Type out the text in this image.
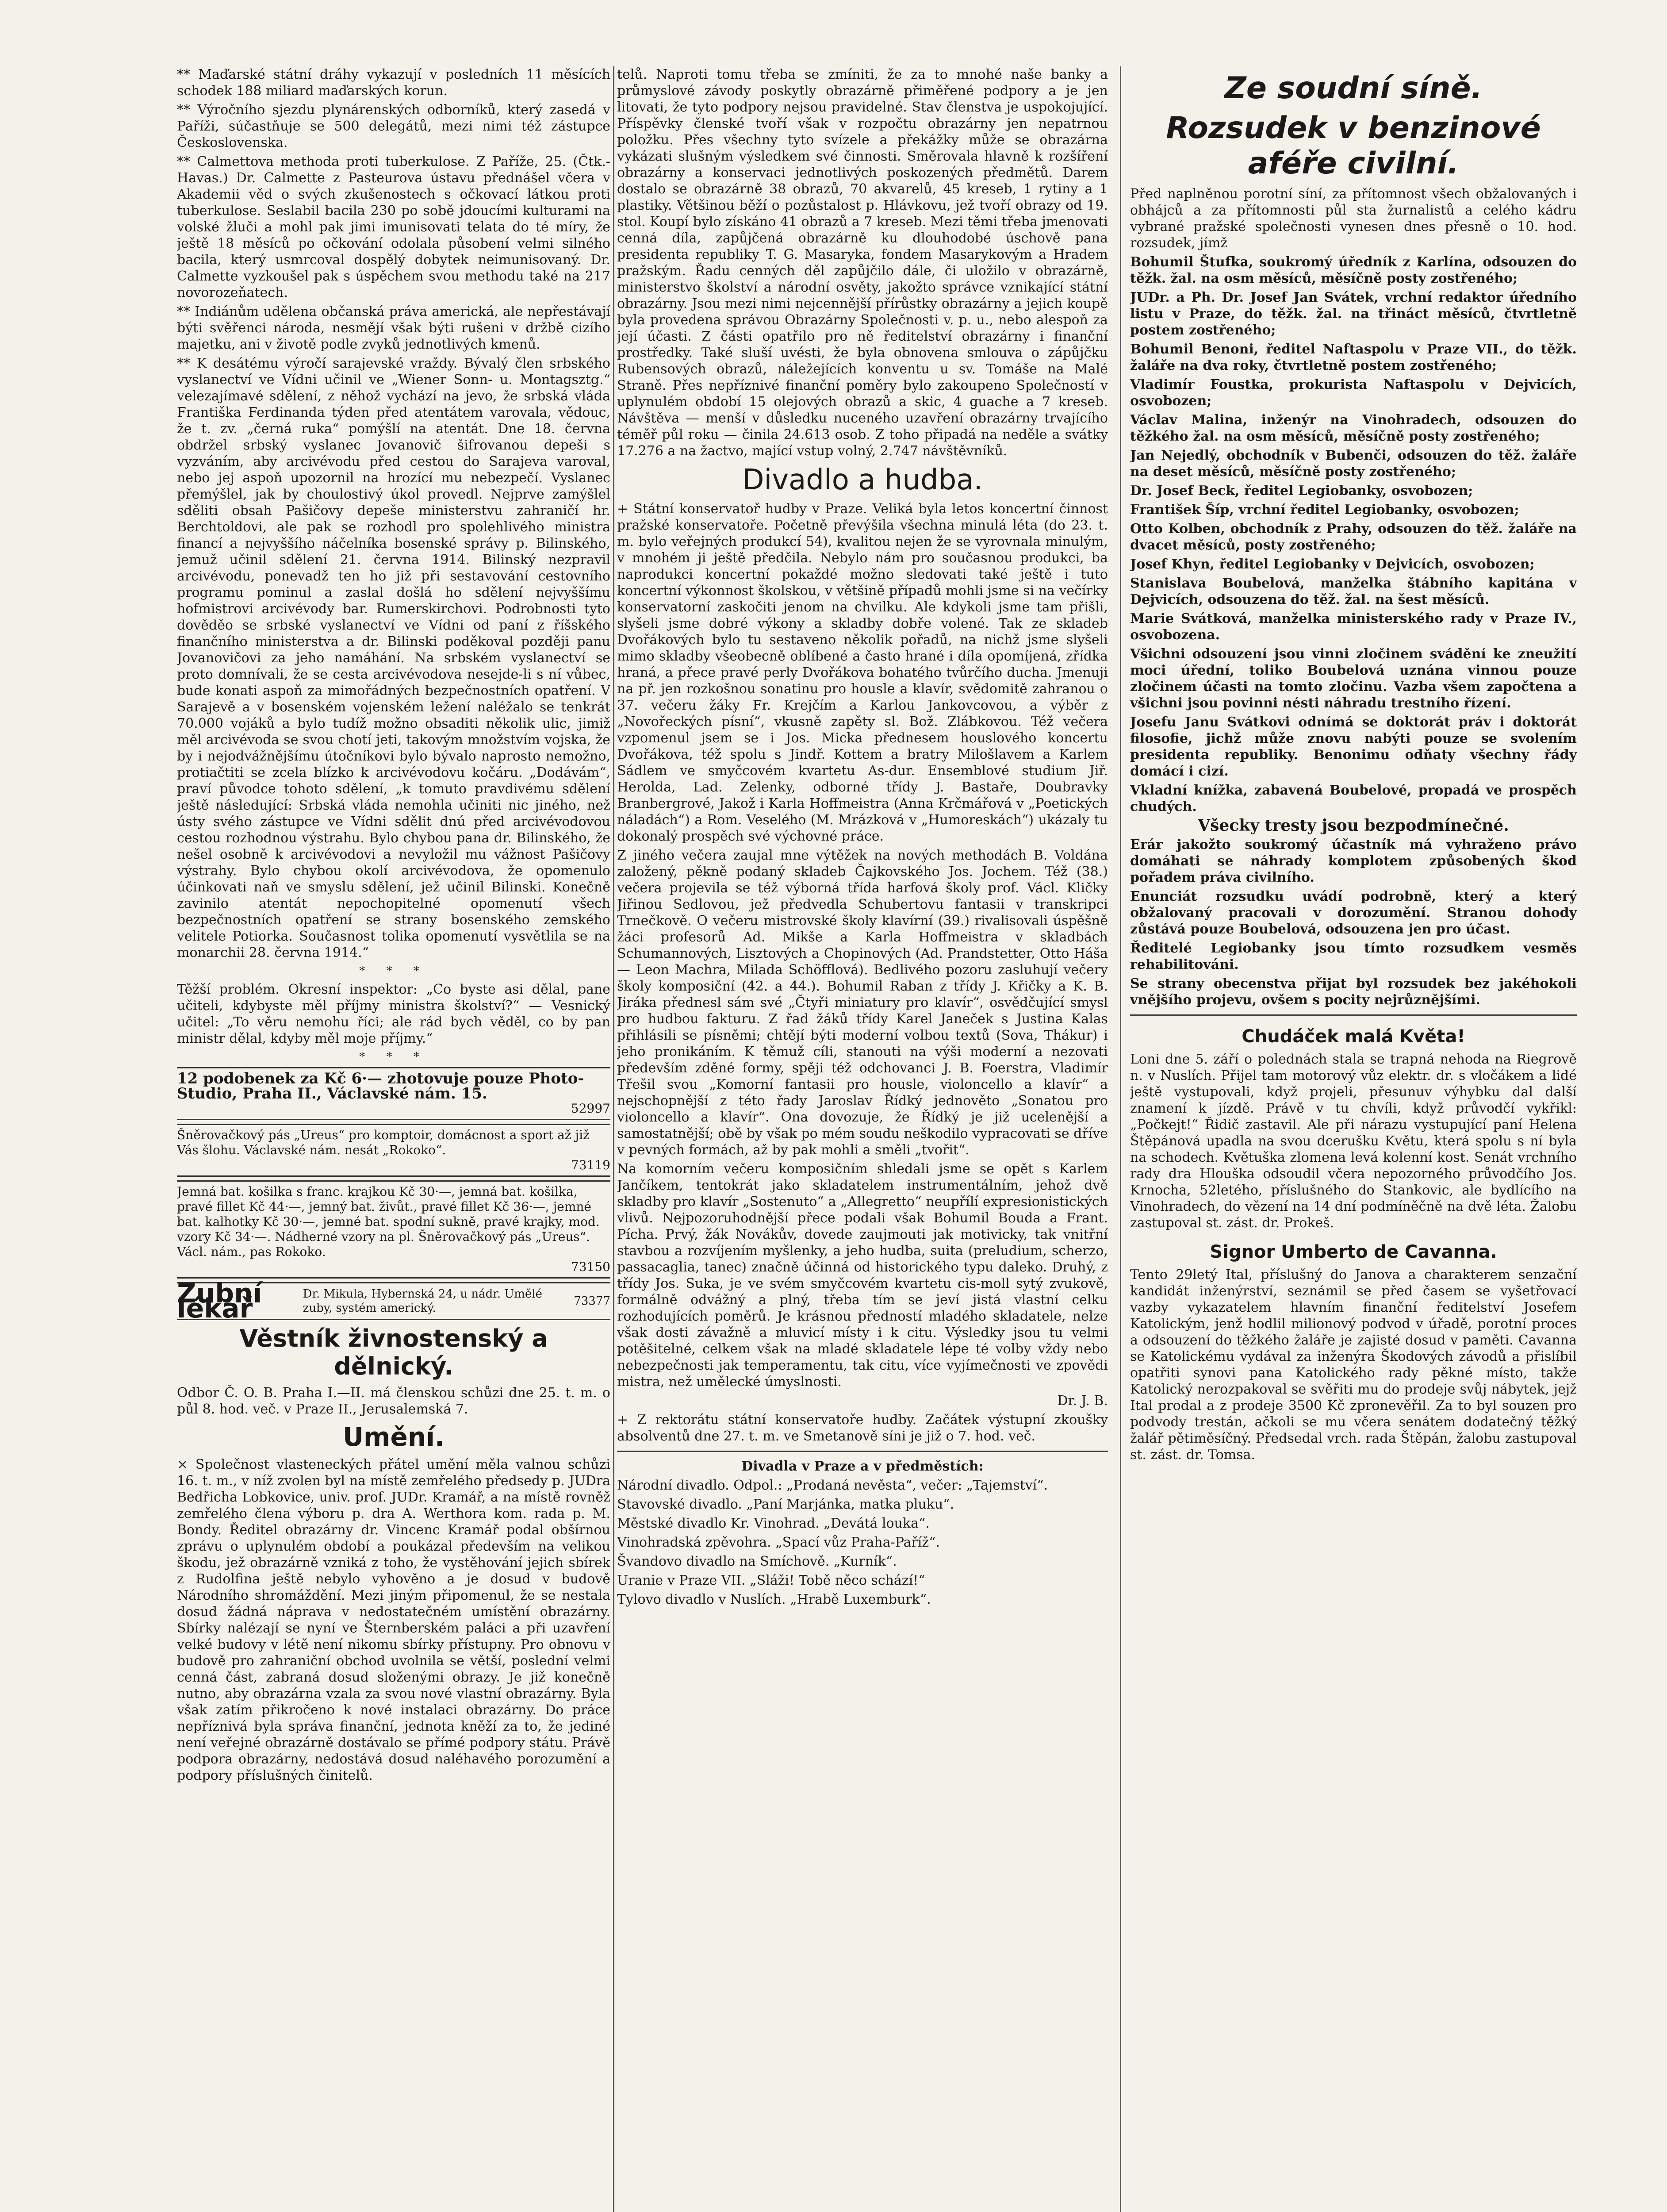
** Maďarské státní dráhy vykazují v posledních 11 měsících schodek 188 miliard maďarských korun.

** Výročního sjezdu plynárenských odborníků, který zasedá v Paříži, súčastňuje se 500 delegátů, mezi nimi též zástupce Československa.

** Calmettova methoda proti tuberkulose. Z Paříže, 25. (Čtk.-Havas.) Dr. Calmette z Pasteurova ústavu přednášel včera v Akademii věd o svých zkušenostech s očkovací látkou proti tuberkulose. Seslabil bacila 230 po sobě jdoucími kulturami na volské žluči a mohl pak jimi imunisovati telata do té míry, že ještě 18 měsíců po očkování odolala působení velmi silného bacila, který usmrcoval dospělý dobytek neimunisovaný. Dr. Calmette vyzkoušel pak s úspěchem svou methodu také na 217 novorozeňatech.

** Indiánům udělena občanská práva americká, ale nepřestávají býti svěřenci národa, nesmějí však býti rušeni v držbě cizího majetku, ani v životě podle zvyků jednotlivých kmenů.

** K desátému výročí sarajevské vraždy. Bývalý člen srbského vyslanectví ve Vídni učinil ve „Wiener Sonn- u. Montagsztg.“ velezajímavé sdělení, z něhož vychází na jevo, že srbská vláda Františka Ferdinanda týden před atentátem varovala, vědouc, že t. zv. „černá ruka“ pomýšlí na atentát. Dne 18. června obdržel srbský vyslanec Jovanovič šifrovanou depeši s vyzváním, aby arcivévodu před cestou do Sarajeva varoval, nebo jej aspoň upozornil na hrozící mu nebezpečí. Vyslanec přemýšlel, jak by choulostivý úkol provedl. Nejprve zamýšlel sděliti obsah Pašičovy depeše ministerstvu zahraničí hr. Berchtoldovi, ale pak se rozhodl pro spolehlivého ministra financí a nejvyššího náčelníka bosenské správy p. Bilinského, jemuž učinil sdělení 21. června 1914. Bilinský nezpravil arcivévodu, ponevadž ten ho již při sestavování cestovního programu pominul a zaslal došlá ho sdělení nejvyššímu hofmistrovi arcivévody bar. Rumerskirchovi. Podrobnosti tyto dověděo se srbské vyslanectví ve Vídni od paní z říšského finančního ministerstva a dr. Bilinski poděkoval později panu Jovanovičovi za jeho namáhání. Na srbském vyslanectví se proto domnívali, že se cesta arcivévodova nesejde-li s ní vůbec, bude konati aspoň za mimořádných bezpečnostních opatření. V Sarajevě a v bosenském vojenském ležení naléžalo se tenkrát 70.000 vojáků a bylo tudíž možno obsaditi několik ulic, jimiž měl arcivévoda se svou chotí jeti, takovým množstvím vojska, že by i nejodvážnějšímu útočníkovi bylo bývalo naprosto nemožno, protiačtiti se zcela blízko k arcivévodovu kočáru. „Dodávám“, praví původce tohoto sdělení, „k tomuto pravdivému sdělení ještě následující: Srbská vláda nemohla učiniti nic jiného, než ústy svého zástupce ve Vídni sdělit dnú před arcivévodovou cestou rozhodnou výstrahu. Bylo chybou pana dr. Bilinského, že nešel osobně k arcivévodovi a nevyložil mu vážnost Pašičovy výstrahy. Bylo chybou okolí arcivévodova, že opomenulo účinkovati naň ve smyslu sdělení, jež učinil Bilinski. Konečně zavinilo atentát nepochopitelné opomenutí všech bezpečnostních opatření se strany bosenského zemského velitele Potiorka. Současnost tolika opomenutí vysvětlila se na monarchii 28. června 1914.“

* * *

Těžší problém. Okresní inspektor: „Co byste asi dělal, pane učiteli, kdybyste měl příjmy ministra školství?“ — Vesnický učitel: „To věru nemohu říci; ale rád bych věděl, co by pan ministr dělal, kdyby měl moje příjmy.“

* * *
12 podobenek za Kč 6·— zhotovuje pouze Photo-Studio, Praha II., Václavské nám. 15.
52997
Šněrovačkový pás „Ureus“ pro komptoir, domácnost a sport až již Vás šlohu. Václavské nám. nesát „Rokoko“.
73119
Jemná bat. košilka s franc. krajkou Kč 30·—, jemná bat. košilka, pravé fillet Kč 44·—, jemný bat. živůt., pravé fillet Kč 36·—, jemné bat. kalhotky Kč 30·—, jemné bat. spodní sukně, pravé krajky, mod. vzory Kč 34·—. Nádherné vzory na pl. Šněrovačkový pás „Ureus“. Václ. nám., pas Rokoko.
73150
Zubní lékař	Dr. Mikula, Hybernská 24, u nádr. Umělé zuby, systém americký.
73377
Věstník živnostenský a dělnický.

Odbor Č. O. B. Praha I.—II. má členskou schůzi dne 25. t. m. o půl 8. hod. več. v Praze II., Jerusalemská 7.

Umění.

× Společnost vlasteneckých přátel umění měla valnou schůzi 16. t. m., v níž zvolen byl na místě zemřelého předsedy p. JUDra Bedřicha Lobkovice, univ. prof. JUDr. Kramář, a na místě rovněž zemřelého člena výboru p. dra A. Werthora kom. rada p. M. Bondy. Ředitel obrazárny dr. Vincenc Kramář podal obšírnou zprávu o uplynulém období a poukázal především na velikou škodu, jež obrazárně vzniká z toho, že vystěhování jejich sbírek z Rudolfina ještě nebylo vyhověno a je dosud v budově Národního shromáždění. Mezi jiným připomenul, že se nestala dosud žádná náprava v nedostatečném umístění obrazárny. Sbírky nalézají se nyní ve Šternberském paláci a při uzavření velké budovy v létě není nikomu sbírky přístupny. Pro obnovu v budově pro zahraniční obchod uvolnila se větší, poslední velmi cenná část, zabraná dosud složenými obrazy. Je již konečně nutno, aby obrazárna vzala za svou nové vlastní obrazárny. Byla však zatím přikročeno k nové instalaci obrazárny. Do práce nepříznivá byla správa finanční, jednota kněží za to, že jediné není veřejné obrazárně dostávalo se přímé podpory státu. Právě podpora obrazárny, nedostává dosud naléhavého porozumění a podpory příslušných činitelů.

telů. Naproti tomu třeba se zmíniti, že za to mnohé naše banky a průmyslové závody poskytly obrazárně přiměřené podpory a je jen litovati, že tyto podpory nejsou pravidelné. Stav členstva je uspokojující. Příspěvky členské tvoří však v rozpočtu obrazárny jen nepatrnou položku. Přes všechny tyto svízele a překážky může se obrazárna vykázati slušným výsledkem své činnosti. Směrovala hlavně k rozšíření obrazárny a konservaci jednotlivých poskozených předmětů. Darem dostalo se obrazárně 38 obrazů, 70 akvarelů, 45 kreseb, 1 rytiny a 1 plastiky. Většinou běží o pozůstalost p. Hlávkovu, jež tvoří obrazy od 19. stol. Koupí bylo získáno 41 obrazů a 7 kreseb. Mezi těmi třeba jmenovati cenná díla, zapůjčená obrazárně ku dlouhodobé úschově pana presidenta republiky T. G. Masaryka, fondem Masarykovým a Hradem pražským. Řadu cenných děl zapůjčilo dále, či uložilo v obrazárně, ministerstvo školství a národní osvěty, jakožto správce vznikající státní obrazárny. Jsou mezi nimi nejcennější přírůstky obrazárny a jejich koupě byla provedena správou Obrazárny Společnosti v. p. u., nebo alespoň za její účasti. Z části opatřilo pro ně ředitelství obrazárny i finanční prostředky. Také sluší uvésti, že byla obnovena smlouva o zápůjčku Rubensových obrazů, náležejících konventu u sv. Tomáše na Malé Straně. Přes nepříznivé finanční poměry bylo zakoupeno Společností v uplynulém období 15 olejových obrazů a skic, 4 guache a 7 kreseb. Návštěva — menší v důsledku nuceného uzavření obrazárny trvajícího téměř půl roku — činila 24.613 osob. Z toho připadá na neděle a svátky 17.276 a na žactvo, mající vstup volný, 2.747 návštěvníků.

Divadlo a hudba.

+ Státní konservatoř hudby v Praze. Veliká byla letos koncertní činnost pražské konservatoře. Početně převýšila všechna minulá léta (do 23. t. m. bylo veřejných produkcí 54), kvalitou nejen že se vyrovnala minulým, v mnohém ji ještě předčila. Nebylo nám pro současnou produkci, ba naprodukci koncertní pokaždé možno sledovati také ještě i tuto koncertní výkonnost školskou, v většině případů mohli jsme si na večírky konservatorní zaskočiti jenom na chvilku. Ale kdykoli jsme tam přišli, slyšeli jsme dobré výkony a skladby dobře volené. Tak ze skladeb Dvořákových bylo tu sestaveno několik pořadů, na nichž jsme slyšeli mimo skladby všeobecně oblíbené a často hrané i díla opomíjená, zřídka hraná, a přece pravé perly Dvořákova bohatého tvůrčího ducha. Jmenuji na př. jen rozkošnou sonatinu pro housle a klavír, svědomitě zahranou o 37. večeru žáky Fr. Krejčím a Karlou Jankovcovou, a výběr z „Novořeckých písní“, vkusně zapěty sl. Bož. Zlábkovou. Též večera vzpomenul jsem se i Jos. Micka přednesem houslového koncertu Dvořákova, též spolu s Jindř. Kottem a bratry Milošlavem a Karlem Sádlem ve smyčcovém kvartetu As-dur. Ensemblové studium Jiř. Herolda, Lad. Zelenky, odborné třídy J. Bastaře, Doubravky Branbergrové, Jakož i Karla Hoffmeistra (Anna Krčmářová v „Poetických náladách“) a Rom. Veselého (M. Mrázková v „Humoreskách“) ukázaly tu dokonalý prospěch své výchovné práce.

Z jiného večera zaujal mne výtěžek na nových methodách B. Voldána založený, pěkně podaný skladeb Čajkovského Jos. Jochem. Též (38.) večera projevila se též výborná třída harfová školy prof. Václ. Kličky Jiřinou Sedlovou, jež předvedla Schubertovu fantasii v transkripci Trnečkově. O večeru mistrovské školy klavírní (39.) rivalisovali úspěšně žáci profesorů Ad. Mikše a Karla Hoffmeistra v skladbách Schumannových, Lisztových a Chopinových (Ad. Prandstetter, Otto Háša — Leon Machra, Milada Schöfflová). Bedlivého pozoru zasluhují večery školy komposiční (42. a 44.). Bohumil Raban z třídy J. Křičky a K. B. Jiráka přednesl sám své „Čtyři miniatury pro klavír“, osvědčující smysl pro hudbou fakturu. Z řad žáků třídy Karel Janeček s Justina Kalas přihlásili se písněmi; chtějí býti moderní volbou textů (Sova, Thákur) i jeho pronikáním. K těmuž cíli, stanouti na výši moderní a nezovati především zděné formy, spěji též odchovanci J. B. Foerstra, Vladimír Třešil svou „Komorní fantasii pro housle, violoncello a klavír“ a nejschopnější z této řady Jaroslav Řídký jednověto „Sonatou pro violoncello a klavír“. Ona dovozuje, že Řídký je již ucelenější a samostatnější; obě by však po mém soudu neškodilo vypracovati se dříve v pevných formách, až by pak mohli a směli „tvořit“.

Na komorním večeru komposičním shledali jsme se opět s Karlem Jančíkem, tentokrát jako skladatelem instrumentálním, jehož dvě skladby pro klavír „Sostenuto“ a „Allegretto“ neupřílí expresionistických vlivů. Nejpozoruhodnější přece podali však Bohumil Bouda a Frant. Pícha. Prvý, žák Novákův, dovede zaujmouti jak motivicky, tak vnitřní stavbou a rozvíjením myšlenky, a jeho hudba, suita (preludium, scherzo, passacaglia, tanec) značně účinná od historického typu daleko. Druhý, z třídy Jos. Suka, je ve svém smyčcovém kvartetu cis-moll sytý zvukově, formálně odvážný a plný, třeba tím se jeví jistá vlastní celku rozhodujících poměrů. Je krásnou předností mladého skladatele, nelze však dosti závažně a mluvicí místy i k citu. Výsledky jsou tu velmi potěšitelné, celkem však na mladé skladatele lépe té volby vždy nebo nebezpečnosti jak temperamentu, tak citu, více vyjímečnosti ve zpovědi mistra, než umělecké úmyslnosti.

Dr. J. B.

+ Z rektorátu státní konservatoře hudby. Začátek výstupní zkoušky absolventů dne 27. t. m. ve Smetanově síni je již o 7. hod. več.

Divadla v Praze a v předměstích:

Národní divadlo. Odpol.: „Prodaná nevěsta“, večer: „Tajemství“.

Stavovské divadlo. „Paní Marjánka, matka pluku“.

Městské divadlo Kr. Vinohrad. „Devátá louka“.

Vinohradská zpěvohra. „Spací vůz Praha-Paříž“.

Švandovo divadlo na Smíchově. „Kurník“.

Uranie v Praze VII. „Sláži! Tobě něco schází!“

Tylovo divadlo v Nuslích. „Hrabě Luxemburk“.

Ze soudní síně.
Rozsudek v benzinové aféře civilní.

Před naplněnou porotní síní, za přítomnost všech obžalovaných i obhájců a za přítomnosti půl sta žurnalistů a celého kádru vybrané pražské společnosti vynesen dnes přesně o 10. hod. rozsudek, jímž

Bohumil Štufka, soukromý úředník z Karlína, odsouzen do těžk. žal. na osm měsíců, měsíčně posty zostřeného;

JUDr. a Ph. Dr. Josef Jan Svátek, vrchní redaktor úředního listu v Praze, do těžk. žal. na třináct měsíců, čtvrtletně postem zostřeného;

Bohumil Benoni, ředitel Naftaspolu v Praze VII., do těžk. žaláře na dva roky, čtvrtletně postem zostřeného;

Vladimír Foustka, prokurista Naftaspolu v Dejvicích, osvobozen;

Václav Malina, inženýr na Vinohradech, odsouzen do těžkého žal. na osm měsíců, měsíčně posty zostřeného;

Jan Nejedlý, obchodník v Bubenči, odsouzen do těž. žaláře na deset měsíců, měsíčně posty zostřeného;

Dr. Josef Beck, ředitel Legiobanky, osvobozen;

František Šíp, vrchní ředitel Legiobanky, osvobozen;

Otto Kolben, obchodník z Prahy, odsouzen do těž. žaláře na dvacet měsíců, posty zostřeného;

Josef Khyn, ředitel Legiobanky v Dejvicích, osvobozen;

Stanislava Boubelová, manželka štábního kapitána v Dejvicích, odsouzena do těž. žal. na šest měsíců.

Marie Svátková, manželka ministerského rady v Praze IV., osvobozena.

Všichni odsouzení jsou vinni zločinem svádění ke zneužití moci úřední, toliko Boubelová uznána vinnou pouze zločinem účasti na tomto zločinu. Vazba všem započtena a všichni jsou povinni nésti náhradu trestního řízení.

Josefu Janu Svátkovi odnímá se doktorát práv i doktorát filosofie, jichž může znovu nabýti pouze se svolením presidenta republiky. Benonimu odňaty všechny řády domácí i cizí.

Vkladní knížka, zabavená Boubelové, propadá ve prospěch chudých.

Všecky tresty jsou bezpodmínečné.

Erár jakožto soukromý účastník má vyhraženo právo domáhati se náhrady komplotem způsobených škod pořadem práva civilního.

Enunciát rozsudku uvádí podrobně, který a který obžalovaný pracovali v dorozumění. Stranou dohody zůstává pouze Boubelová, odsouzena jen pro účast.

Ředitelé Legiobanky jsou tímto rozsudkem vesměs rehabilitováni.

Se strany obecenstva přijat byl rozsudek bez jakéhokoli vnějšího projevu, ovšem s pocity nejrůznějšími.

Chudáček malá Květa!

Loni dne 5. září o polednách stala se trapná nehoda na Riegrově n. v Nuslích. Přijel tam motorový vůz elektr. dr. s vločákem a lidé ještě vystupovali, když projeli, přesunuv výhybku dal další znamení k jízdě. Právě v tu chvíli, když průvodčí vykřikl: „Počkejt!“ Řidič zastavil. Ale při nárazu vystupující paní Helena Štěpánová upadla na svou dcerušku Květu, která spolu s ní byla na schodech. Květuška zlomena levá kolenní kost. Senát vrchního rady dra Hlouška odsoudil včera nepozorného průvodčího Jos. Krnocha, 52letého, příslušného do Stankovic, ale bydlícího na Vinohradech, do vězení na 14 dní podmíněčně na dvě léta. Žalobu zastupoval st. zást. dr. Prokeš.

Signor Umberto de Cavanna.

Tento 29letý Ital, příslušný do Janova a charakterem senzační kandidát inženýrství, seznámil se před časem se vyšetřovací vazby vykazatelem hlavním finanční ředitelství Josefem Katolickým, jenž hodlil milionový podvod v úřadě, porotní proces a odsouzení do těžkého žaláře je zajisté dosud v paměti. Cavanna se Katolickému vydával za inženýra Škodových závodů a přislíbil opatřiti synovi pana Katolického rady pěkné místo, takže Katolický nerozpakoval se svěřiti mu do prodeje svůj nábytek, jejž Ital prodal a z prodeje 3500 Kč zpronevěřil. Za to byl souzen pro podvody trestán, ačkoli se mu včera senátem dodatečný těžký žalář pětiměsíčný. Předsedal vrch. rada Štěpán, žalobu zastupoval st. zást. dr. Tomsa.
